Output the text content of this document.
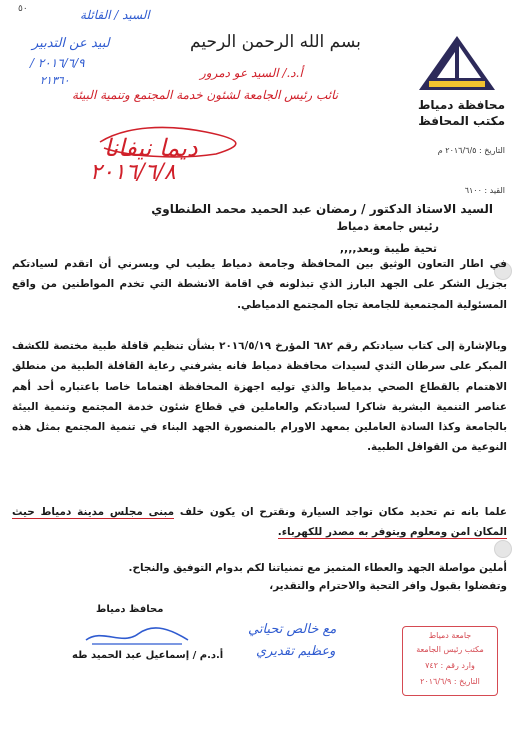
٥٠	السيد / القائلة
لبيد عن التدبير
/ ٢٠١٦/٦/٩
٢١٣٦٠
بسم الله الرحمن الرحيم
أ.د./ السيد عو دمرور
نائب رئيس الجامعة لشئون خدمة المجتمع وتنمية البيئة
ديما نيفانا
٢٠١٦/٦/٨
محافظة دمياط
مكتب المحافظ
التاريخ : ٢٠١٦/٦/٥ م
القيد : ٦١٠٠
السيد الاستاذ الدكتور / رمضان عبد الحميد محمد الطنطاوي
رئيس جامعة دمياط
تحية طيبة وبعد,,,,
في اطار التعاون الوثيق بين المحافظة وجامعة دمياط يطيب لي ويسرني أن اتقدم لسيادتكم بجزيل الشكر على الجهد البارز الذي تبذلونه في اقامة الانشطة التي تخدم المواطنين من واقع المسئولية المجتمعية للجامعة تجاه المجتمع الدمياطي.
وبالإشارة إلى كتاب سيادتكم رقم ٦٨٢ المؤرخ ٢٠١٦/٥/١٩ بشأن تنظيم قافلة طبية مختصة للكشف المبكر على سرطان الثدي لسيدات محافظة دمياط فانه يشرفني رعاية القافلة الطبية من منطلق الاهتمام بالقطاع الصحي بدمياط والذي توليه اجهزة المحافظة اهتماما خاصا باعتباره أحد أهم عناصر التنمية البشرية شاكرا لسيادتكم والعاملين في قطاع شئون خدمة المجتمع وتنمية البيئة بالجامعة وكذا السادة العاملين بمعهد الاورام بالمنصورة الجهد البناء في تنمية المجتمع بمثل هذه النوعية من القوافل الطبية.
علما بانه تم تحديد مكان تواجد السيارة ونقترح ان يكون خلف مبنى مجلس مدينة دمياط حيث المكان امن ومعلوم ويتوفر به مصدر للكهرباء.
أملين مواصلة الجهد والعطاء المتميز مع تمنياتنا لكم بدوام التوفيق والنجاح.
وتفضلوا بقبول وافر التحية والاحترام والتقدير،
محافظ دمياط
أ.د.م / إسماعيل عبد الحميد طه
مع خالص تحياتي
وعظيم تقديري
جامعة دمياط
مكتب رئيس الجامعة
وارد رقم : ٧٤٢
التاريخ : ٢٠١٦/٦/٩
